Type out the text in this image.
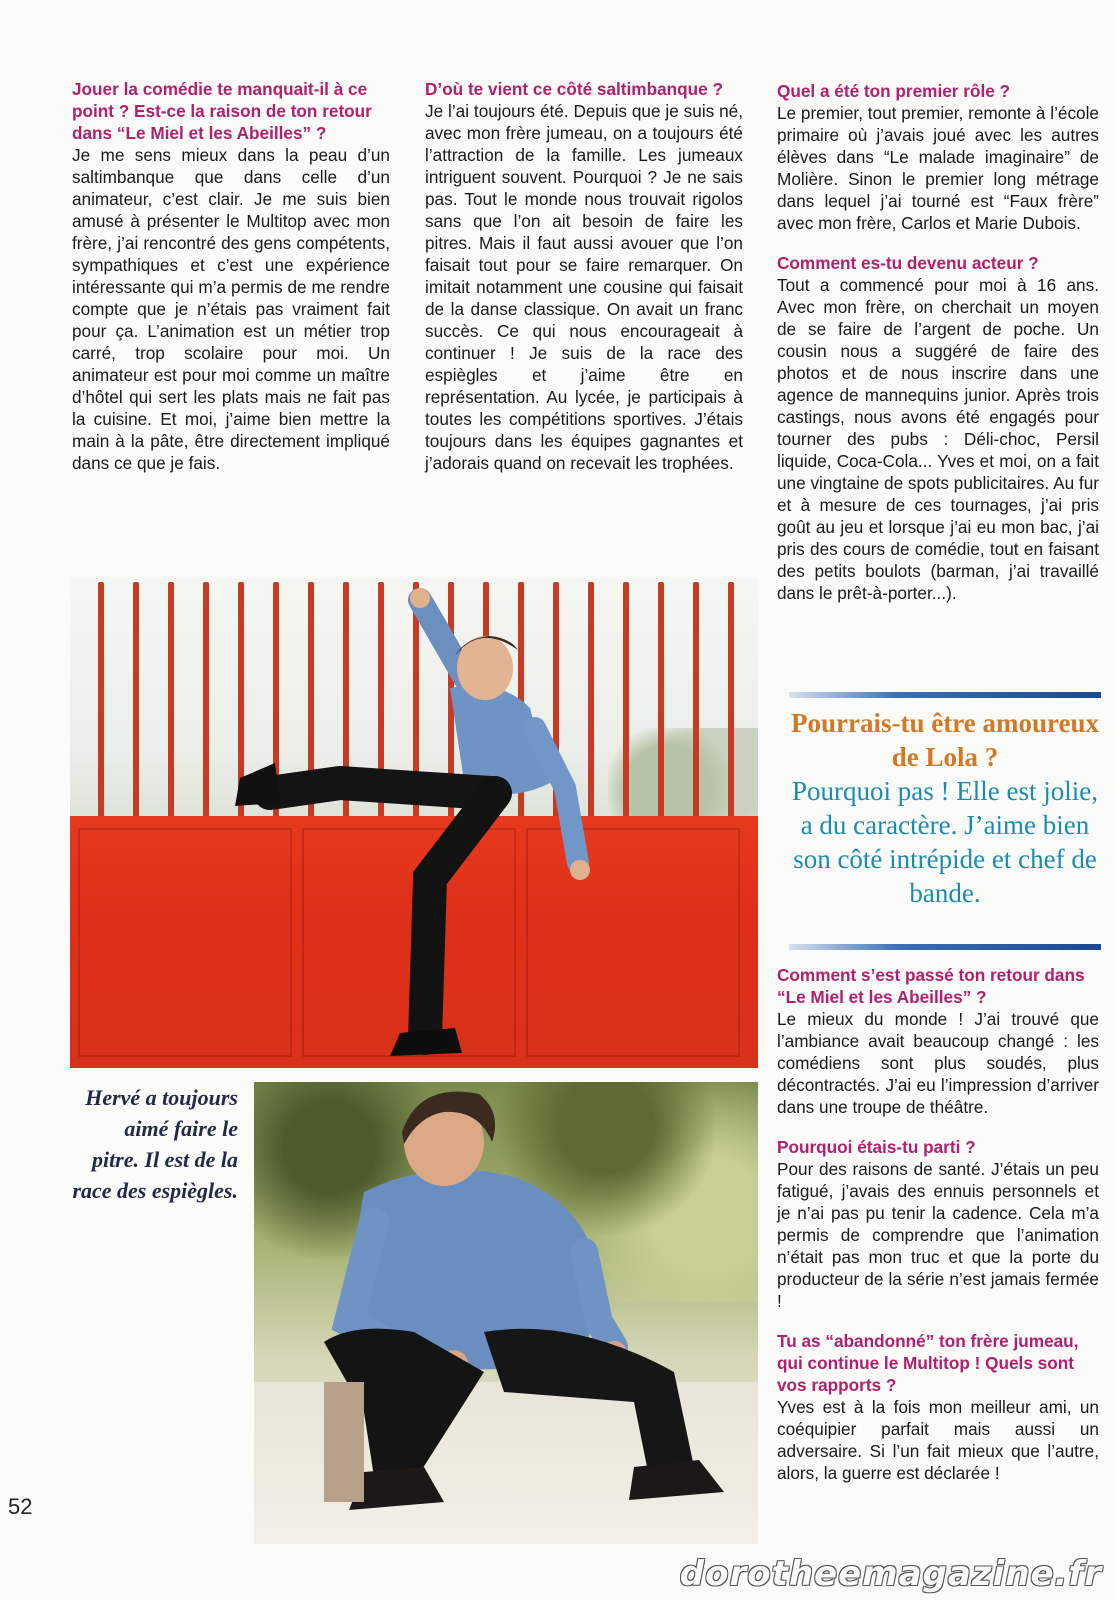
Jouer la comédie te manquait-il à ce point ? Est-ce la raison de ton retour dans “Le Miel et les Abeilles” ?
Je me sens mieux dans la peau d’un saltimbanque que dans celle d’un animateur, c’est clair. Je me suis bien amusé à présenter le Multitop avec mon frère, j’ai rencontré des gens compétents, sympathiques et c’est une expérience intéressante qui m’a permis de me rendre compte que je n’étais pas vraiment fait pour ça. L’animation est un métier trop carré, trop scolaire pour moi. Un animateur est pour moi comme un maître d’hôtel qui sert les plats mais ne fait pas la cuisine. Et moi, j’aime bien mettre la main à la pâte, être directement impliqué dans ce que je fais.
D’où te vient ce côté saltimbanque ?
Je l’ai toujours été. Depuis que je suis né, avec mon frère jumeau, on a toujours été l’attraction de la famille. Les jumeaux intriguent souvent. Pourquoi ? Je ne sais pas. Tout le monde nous trouvait rigolos sans que l’on ait besoin de faire les pitres. Mais il faut aussi avouer que l’on faisait tout pour se faire remarquer. On imitait notamment une cousine qui faisait de la danse classique. On avait un franc succès. Ce qui nous encourageait à continuer ! Je suis de la race des espiègles et j’aime être en représentation. Au lycée, je participais à toutes les compétitions sportives. J’étais toujours dans les équipes gagnantes et j’adorais quand on recevait les trophées.
Quel a été ton premier rôle ?
Le premier, tout premier, remonte à l’école primaire où j’avais joué avec les autres élèves dans “Le malade imaginaire” de Molière. Sinon le premier long métrage dans lequel j’ai tourné est “Faux frère” avec mon frère, Carlos et Marie Dubois.
Comment es-tu devenu acteur ?
Tout a commencé pour moi à 16 ans. Avec mon frère, on cherchait un moyen de se faire de l’argent de poche. Un cousin nous a suggéré de faire des photos et de nous inscrire dans une agence de mannequins junior. Après trois castings, nous avons été engagés pour tourner des pubs : Déli-choc, Persil liquide, Coca-Cola... Yves et moi, on a fait une vingtaine de spots publicitaires. Au fur et à mesure de ces tournages, j’ai pris goût au jeu et lorsque j’ai eu mon bac, j’ai pris des cours de comédie, tout en faisant des petits boulots (barman, j’ai travaillé dans le prêt-à-porter...).
Pourrais-tu être amoureux de Lola ?
Pourquoi pas ! Elle est jolie, a du caractère. J’aime bien son côté intrépide et chef de bande.
Comment s’est passé ton retour dans “Le Miel et les Abeilles” ?
Le mieux du monde ! J’ai trouvé que l’ambiance avait beaucoup changé : les comédiens sont plus soudés, plus décontractés. J’ai eu l’impression d’arriver dans une troupe de théâtre.
Pourquoi étais-tu parti ?
Pour des raisons de santé. J’étais un peu fatigué, j’avais des ennuis personnels et je n’ai pas pu tenir la cadence. Cela m’a permis de comprendre que l’animation n’était pas mon truc et que la porte du producteur de la série n’est jamais fermée !
Tu as “abandonné” ton frère jumeau, qui continue le Multitop ! Quels sont vos rapports ?
Yves est à la fois mon meilleur ami, un coéquipier parfait mais aussi un adversaire. Si l’un fait mieux que l’autre, alors, la guerre est déclarée !
Hervé a toujours aimé faire le pitre. Il est de la race des espiègles.
52
dorotheemagazine.fr
